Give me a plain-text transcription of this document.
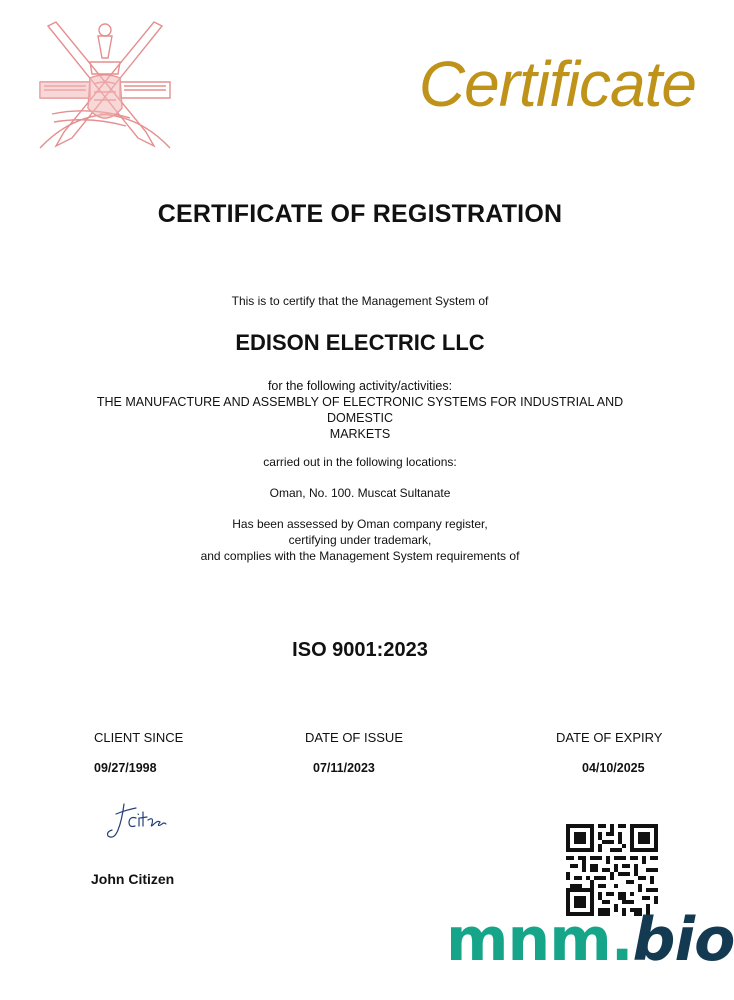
Certificate
CERTIFICATE OF REGISTRATION
This is to certify that the Management System of
EDISON ELECTRIC LLC
for the following activity/activities:
THE MANUFACTURE AND ASSEMBLY OF ELECTRONIC SYSTEMS FOR INDUSTRIAL AND
DOMESTIC
MARKETS
carried out in the following locations:
Oman, No. 100. Muscat Sultanate
Has been assessed by Oman company register,
certifying under trademark,
and complies with the Management System requirements of
ISO 9001:2023
CLIENT SINCE
09/27/1998
DATE OF ISSUE
07/11/2023
DATE OF EXPIRY
04/10/2025
John Citizen
mnm.bio
